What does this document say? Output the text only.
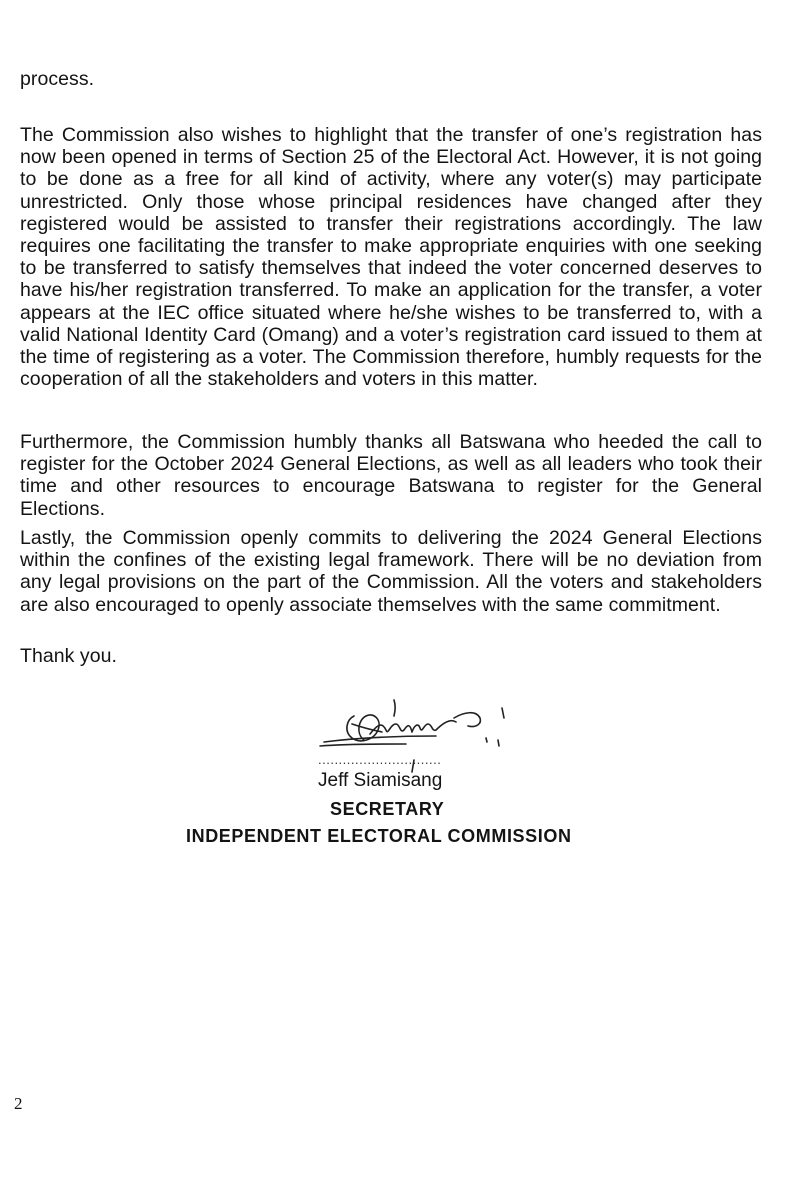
process.

The Commission also wishes to highlight that the transfer of one’s registration has now been opened in terms of Section 25 of the Electoral Act. However, it is not going to be done as a free for all kind of activity, where any voter(s) may participate unrestricted. Only those whose principal residences have changed after they registered would be assisted to transfer their registrations accordingly. The law requires one facilitating the transfer to make appropriate enquiries with one seeking to be transferred to satisfy themselves that indeed the voter concerned deserves to have his/her registration transferred. To make an application for the transfer, a voter appears at the IEC office situated where he/she wishes to be transferred to, with a valid National Identity Card (Omang) and a voter’s registration card issued to them at the time of registering as a voter. The Commission therefore, humbly requests for the cooperation of all the stakeholders and voters in this matter.

Furthermore, the Commission humbly thanks all Batswana who heeded the call to register for the October 2024 General Elections, as well as all leaders who took their time and other resources to encourage Batswana to register for the General Elections.

Lastly, the Commission openly commits to delivering the 2024 General Elections within the confines of the existing legal framework. There will be no deviation from any legal provisions on the part of the Commission. All the voters and stakeholders are also encouraged to openly associate themselves with the same commitment.

Thank you.

..............................
Jeff Siamisang
SECRETARY
INDEPENDENT ELECTORAL COMMISSION
2
